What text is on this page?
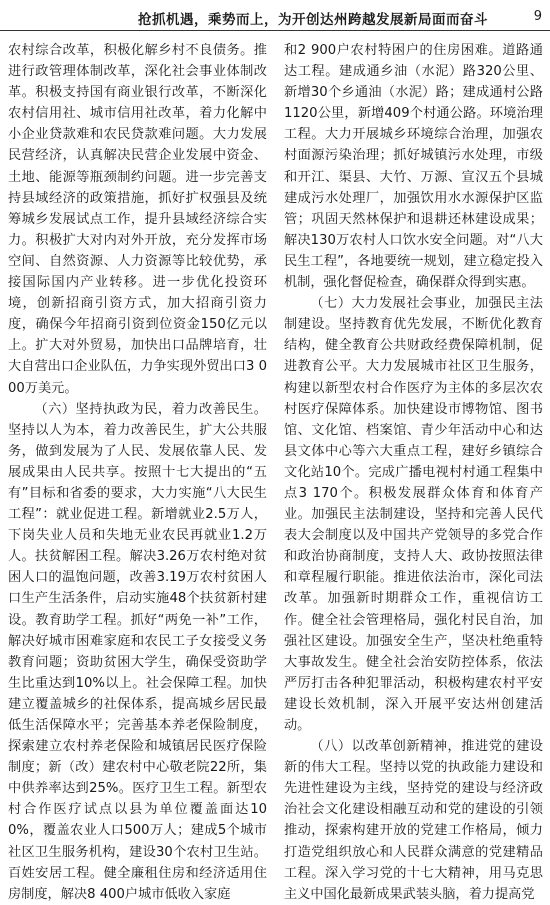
抢抓机遇，乘势而上，为开创达州跨越发展新局面而奋斗	9

农村综合改革，积极化解乡村不良债务。推进行政管理体制改革，深化社会事业体制改革。积极支持国有商业银行改革，不断深化农村信用社、城市信用社改革，着力化解中小企业贷款难和农民贷款难问题。大力发展民营经济，认真解决民营企业发展中资金、土地、能源等瓶颈制约问题。进一步完善支持县域经济的政策措施，抓好扩权强县及统筹城乡发展试点工作，提升县域经济综合实力。积极扩大对内对外开放，充分发挥市场空间、自然资源、人力资源等比较优势，承接国际国内产业转移。进一步优化投资环境，创新招商引资方式，加大招商引资力度，确保今年招商引资到位资金150亿元以上。扩大对外贸易，加快出口品牌培育，壮大自营出口企业队伍，力争实现外贸出口3 000万美元。

（六）坚持执政为民，着力改善民生。坚持以人为本，着力改善民生，扩大公共服务，做到发展为了人民、发展依靠人民、发展成果由人民共享。按照十七大提出的“五有”目标和省委的要求，大力实施“八大民生工程”：就业促进工程。新增就业2.5万人，下岗失业人员和失地无业农民再就业1.2万人。扶贫解困工程。解决3.26万农村绝对贫困人口的温饱问题，改善3.19万农村贫困人口生产生活条件，启动实施48个扶贫新村建设。教育助学工程。抓好“两免一补”工作，解决好城市困难家庭和农民工子女接受义务教育问题；资助贫困大学生，确保受资助学生比重达到10%以上。社会保障工程。加快建立覆盖城乡的社保体系，提高城乡居民最低生活保障水平；完善基本养老保险制度，探索建立农村养老保险和城镇居民医疗保险制度；新（改）建农村中心敬老院22所，集中供养率达到25%。医疗卫生工程。新型农村合作医疗试点以县为单位覆盖面达100%，覆盖农业人口500万人；建成5个城市社区卫生服务机构，建设30个农村卫生站。百姓安居工程。健全廉租住房和经济适用住房制度，解决8 400户城市低收入家庭

和2 900户农村特困户的住房困难。道路通达工程。建成通乡油（水泥）路320公里、新增30个乡通油（水泥）路；建成通村公路1120公里，新增409个村通公路。环境治理工程。大力开展城乡环境综合治理，加强农村面源污染治理；抓好城镇污水处理，市级和开江、渠县、大竹、万源、宣汉五个县城建成污水处理厂，加强饮用水水源保护区监管；巩固天然林保护和退耕还林建设成果；解决130万农村人口饮水安全问题。对“八大民生工程”，各地要统一规划，建立稳定投入机制，强化督促检查，确保群众得到实惠。

（七）大力发展社会事业，加强民主法制建设。坚持教育优先发展，不断优化教育结构，健全教育公共财政经费保障机制，促进教育公平。大力发展城市社区卫生服务，构建以新型农村合作医疗为主体的多层次农村医疗保障体系。加快建设市博物馆、图书馆、文化馆、档案馆、青少年活动中心和达县文体中心等六大重点工程，建好乡镇综合文化站10个。完成广播电视村村通工程集中点3 170个。积极发展群众体育和体育产业。加强民主法制建设，坚持和完善人民代表大会制度以及中国共产党领导的多党合作和政治协商制度，支持人大、政协按照法律和章程履行职能。推进依法治市，深化司法改革。加强新时期群众工作，重视信访工作。健全社会管理格局，强化村民自治，加强社区建设。加强安全生产，坚决杜绝重特大事故发生。健全社会治安防控体系，依法严厉打击各种犯罪活动，积极构建农村平安建设长效机制，深入开展平安达州创建活动。

（八）以改革创新精神，推进党的建设新的伟大工程。坚持以党的执政能力建设和先进性建设为主线，坚持党的建设与经济政治社会文化建设相融互动和党的建设的引领推动，探索构建开放的党建工作格局，倾力打造党组织放心和人民群众满意的党建精品工程。深入学习党的十七大精神，用马克思主义中国化最新成果武装头脑，着力提高党
